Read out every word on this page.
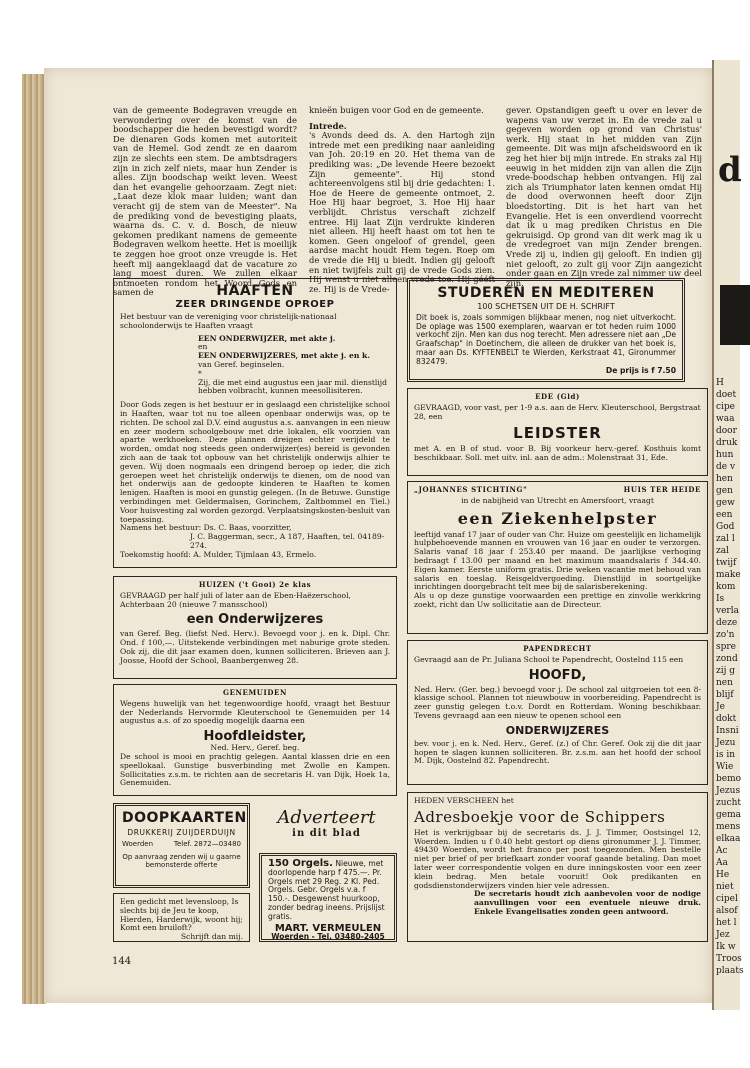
d
H
doet
cipe
waa
door
druk
hun
de v
hen
gen
gew
een
God
zal l
zal
twijf
make
kom
Is
verla
deze
zo'n
spre
zond
zij g
nen
blijf
Je
dokt
Insni
Jezu
is in
Wie
bemo
Jezus
zucht
gema
mens
elkaa
Ac
Aa
He
niet
cipel
alsof
het l
Jez
Ik w
Troos
plaats

van de gemeente Bodegraven vreugde en verwondering over de komst van de boodschapper die heden bevestigd wordt? De dienaren Gods komen met autoriteit van de Hemel. God zendt ze en daarom zijn ze slechts een stem. De ambtsdragers zijn in zich zelf niets, maar hun Zender is alles. Zijn boodschap weikt leven. Weest dan het evangelie gehoorzaam. Zegt niet: „Laat deze klok maar luiden; want dan veracht gij de stem van de Meester". Na de prediking vond de bevestiging plaats, waarna ds. C. v. d. Bosch, de nieuw gekomen predikant namens de gemeente Bodegraven welkom heette. Het is moeilijk te zeggen hoe groot onze vreugde is. Het heeft mij aangeklaagd dat de vacature zo lang moest duren. We zullen elkaar ontmoeten rondom het Woord Gods en samen de

knieën buigen voor God en de gemeente.

Intrede.

's Avonds deed ds. A. den Hartogh zijn intrede met een prediking naar aanleiding van Joh. 20:19 en 20. Het thema van de prediking was: „De levende Heere bezoekt Zijn gemeente". Hij stond achtereenvolgens stil bij drie gedachten: 1. Hoe de Heere de gemeente ontmoet, 2. Hoe Hij haar begroet, 3. Hoe Hij haar verblijdt. Christus verschaft zichzelf entree. Hij laat Zijn verdrukte kinderen niet alleen. Hij heeft haast om tot hen te komen. Geen ongeloof of grendel, geen aardse macht houdt Hem tegen. Roep om de vrede die Hij u biedt. Indien gij gelooft en niet twijfels zult gij de vrede Gods zien. Hij wenst u niet alleen vrede toe. Hij gééft ze. Hij is de Vrede-

gever. Opstandigen geeft u over en lever de wapens van uw verzet in. En de vrede zal u gegeven worden op grond van Christus' werk. Hij staat in het midden van Zijn gemeente. Dit was mijn afscheidswoord en ik zeg het hier bij mijn intrede. En straks zal Hij eeuwig in het midden zijn van allen die Zijn vrede-boodschap hebben ontvangen. Hij zal zich als Triumphator laten kennen omdat Hij de dood overwonnen heeft door Zijn bloedstorting. Dit is het hart van het Evangelie. Het is een onverdiend voorrecht dat ik u mag prediken Christus en Die gekruisigd. Op grond van dit werk mag ik u de vredegroet van mijn Zender brengen. Vrede zij u, indien gij gelooft. En indien gij niet gelooft, zo zult gij voor Zijn aangezicht onder gaan en Zijn vrede zal nimmer uw deel zijn.

HAAFTEN
ZEER DRINGENDE OPROEP

Het bestuur van de vereniging voor christelijk-nationaal schoolonderwijs te Haaften vraagt

EEN ONDERWIJZER, met akte j.

en

EEN ONDERWIJZERES, met akte j. en k.

van Geref. beginselen.

*

Zij, die met eind augustus een jaar mil. dienstlijd hebben volbracht, kunnen meesollisiteren.

Door Gods zegen is het bestuur er in geslaagd een christelijke school in Haaften, waar tot nu toe alleen openbaar onderwijs was, op te richten. De school zal D.V. eind augustus a.s. aanvangen in een nieuw en zeer modern schoolgebouw met drie lokalen, elk voorzien van aparte werkhoeken. Deze plannen dreigen echter verijdeld te worden, omdat nog steeds geen onderwijzer(es) bereid is gevonden zich aan de taak tot opbouw van het christelijk onderwijs alhier te geven. Wij doen nogmaals een dringend beroep op ieder, die zich geroepen weet het christelijk onderwijs te dienen, om de nood van het onderwijs aan de gedoopte kinderen te Haaften te komen lenigen. Haaften is mooi en gunstig gelegen. (In de Betuwe. Gunstige verbindingen met Geldermalsen, Gorinchem, Zaltbommel en Tiel.) Voor huisvesting zal worden gezorgd. Verplaatsingskosten-besluit van toepassing.

Namens het bestuur: Ds. C. Baas, voorzitter,

J. C. Baggerman, secr., A 187, Haaften, tel. 04189-274.

Toekomstig hoofd: A. Mulder, Tijmlaan 43, Ermelo.

HUIZEN ('t Gooi) 2e klas

GEVRAAGD per half juli of later aan de Eben-Haëzerschool, Achterbaan 20 (nieuwe 7 mansschool)

een Onderwijzeres

van Geref. Beg. (liefst Ned. Herv.). Bevoegd voor j. en k. Dipl. Chr. Ond. f 100,—. Uitstekende verbindingen met naburige grote steden. Ook zij, die dit jaar examen doen, kunnen solliciteren. Brieven aan J. Joosse, Hoofd der School, Baanbergenweg 28.

GENEMUIDEN

Wegens huwelijk van het tegenwoordige hoofd, vraagt het Bestuur der Nederlands Hervormde Kleuterschool te Genemuiden per 14 augustus a.s. of zo spoedig mogelijk daarna een

Hoofdleidster,

Ned. Herv., Geref. beg.

De school is mooi en prachtig gelegen. Aantal klassen drie en een speellokaal. Gunstige busverbinding met Zwolle en Kampen. Sollicitaties z.s.m. te richten aan de secretaris H. van Dijk, Hoek 1a, Genemuiden.

DOOPKAARTEN
DRUKKERIJ ZUIJDERDUIJN
Woerden	Telef. 2872—03480
Op aanvraag zenden wij u gaarne bemonsterde offerte

Een gedicht met levensloop, Is slechts bij de Jeu te koop, Hierden, Harderwijk, woont hij; Komt een bruiloft?

Schrijft dan mij.

Adverteert
in dit blad

150 Orgels. Nieuwe, met doorlopende harp f 475.—. Pr. Orgels met 29 Reg. 2 Kl. Ped. Orgels. Gebr. Orgels v.a. f 150.-. Desgewenst huurkoop, zonder bedrag ineens. Prijslijst gratis.

MART. VERMEULEN
Woerden - Tel. 03480-2405
STUDEREN EN MEDITEREN
100 SCHETSEN UIT DE H. SCHRIFT

Dit boek is, zoals sommigen blijkbaar menen, nog niet uitverkocht. De oplage was 1500 exemplaren, waarvan er tot heden ruim 1000 verkocht zijn. Men kan dus nog terecht. Men adressere niet aan „De Graafschap" in Doetinchem, die alleen de drukker van het boek is, maar aan Ds. KYFTENBELT te Wierden, Kerkstraat 41, Gironummer 832479.

De prijs is f 7.50

EDE (Gld)

GEVRAAGD, voor vast, per 1-9 a.s. aan de Herv. Kleuterschool, Bergstraat 28, een

LEIDSTER

met A. en B of stud. voor B. Bij voorkeur herv.-geref. Kosthuis komt beschikbaar. Soll. met uitv. inl. aan de adm.: Molenstraat 31, Ede.

„JOHANNES STICHTING"	HUIS TER HEIDE

in de nabijheid van Utrecht en Amersfoort, vraagt

een Ziekenhelpster

leeftijd vanaf 17 jaar of ouder van Chr. Huize om geestelijk en lichamelijk hulpbehoevende mannen en vrouwen van 16 jaar en ouder te verzorgen. Salaris vanaf 18 jaar f 253.40 per maand. De jaarlijkse verhoging bedraagt f 13.00 per maand en het maximum maandsalaris f 344.40. Eigen kamer. Eerste uniform gratis. Drie weken vacantie met behoud van salaris en toeslag. Reisgeldvergoeding. Dienstlijd in soortgelijke inrichtingen doorgebracht telt mee bij de salarisberekening.

Als u op deze gunstige voorwaarden een prettige en zinvolle werkkring zoekt, richt dan Uw sollicitatie aan de Directeur.

PAPENDRECHT

Gevraagd aan de Pr. Juliana School te Papendrecht, Oostelnd 115 een

HOOFD,

Ned. Herv. (Ger. beg.) bevoegd voor j. De school zal uitgroeien tot een 8-klassige school. Plannen tot nieuwbouw in voorbereiding. Papendrecht is zeer gunstig gelegen t.o.v. Dordt en Rotterdam. Woning beschikbaar. Tevens gevraagd aan een nieuw te openen school een

ONDERWIJZERES

bev. voor j. en k. Ned. Herv., Geref. (z.) of Chr. Geref. Ook zij die dit jaar hopen te slagen kunnen solliciteren. Br. z.s.m. aan het hoofd der school M. Dijk, Oostelnd 82. Papendrecht.

HEDEN VERSCHEEN het

Adresboekje voor de Schippers

Het is verkrijgbaar bij de secretaris ds. J. J. Timmer, Oostsingel 12, Woerden. Indien u f 0.40 hebt gestort op diens gironummer J. J. Timmer, 49430 Woerden, wordt het franco per post toegezonden. Men bestelle niet per brief of per briefkaart zonder vooraf gaande betaling. Dan moet later weer correspondentie volgen en dure inningskosten voor een zeer klein bedrag. Men betale vooruit! Ook predikanten en godsdienstonderwijzers vinden hier vele adressen.

De secretaris houdt zich aanbevolen voor de nodige aanvullingen voor een eventuele nieuwe druk. Enkele Evangelisaties zonden geen antwoord.

144
